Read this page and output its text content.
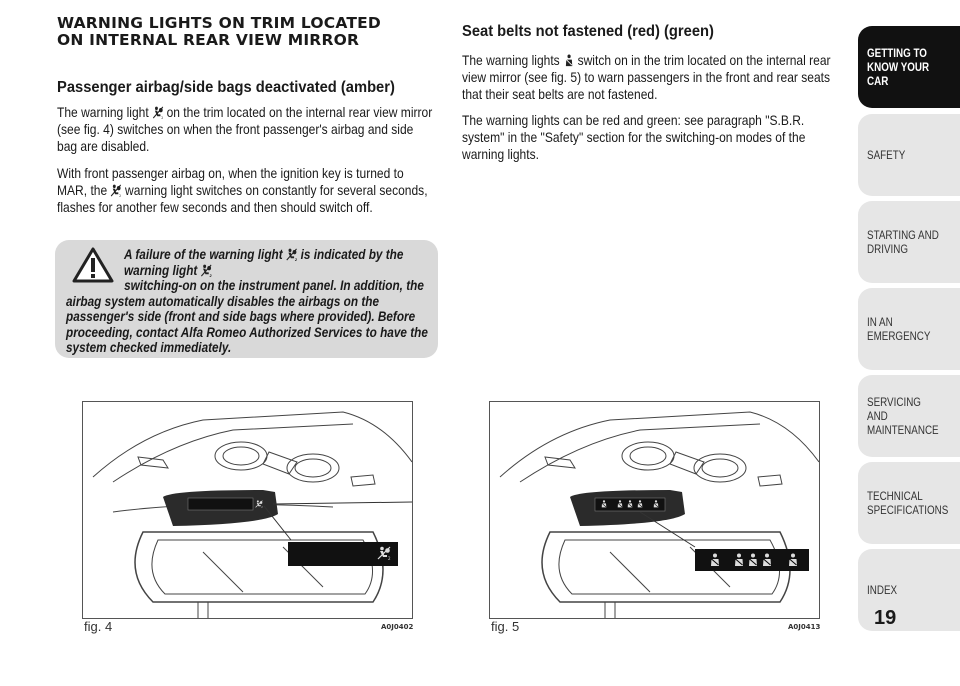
WARNING LIGHTS ON TRIM LOCATED
ON INTERNAL REAR VIEW MIRROR
Passenger airbag/side bags deactivated (amber)
The warning light  on the trim located on the internal rear view mirror (see fig. 4) switches on when the front passenger's airbag and side bag are disabled.
With front passenger airbag on, when the ignition key is turned to MAR, the  warning light switches on constantly for several seconds, flashes for another few seconds and then should switch off.
A failure of the warning light  is indicated by the warning light
switching-on on the instrument panel. In addition, the airbag system automatically disables the airbags on the passenger's side (front and side bags where provided). Before proceeding, contact Alfa Romeo Authorized Services to have the system checked immediately.
Seat belts not fastened (red) (green)
The warning lights  switch on in the trim located on the internal rear view mirror (see fig. 5) to warn passengers in the front and rear seats that their seat belts are not fastened.
The warning lights can be red and green: see paragraph "S.B.R. system" in the "Safety" section for the switching-on modes of the warning lights.
fig. 4	A0J0402	fig. 5	A0J0413
GETTING TO
KNOW YOUR CAR
SAFETY
STARTING AND
DRIVING
IN AN EMERGENCY
SERVICING AND
MAINTENANCE
TECHNICAL
SPECIFICATIONS
INDEX
19
